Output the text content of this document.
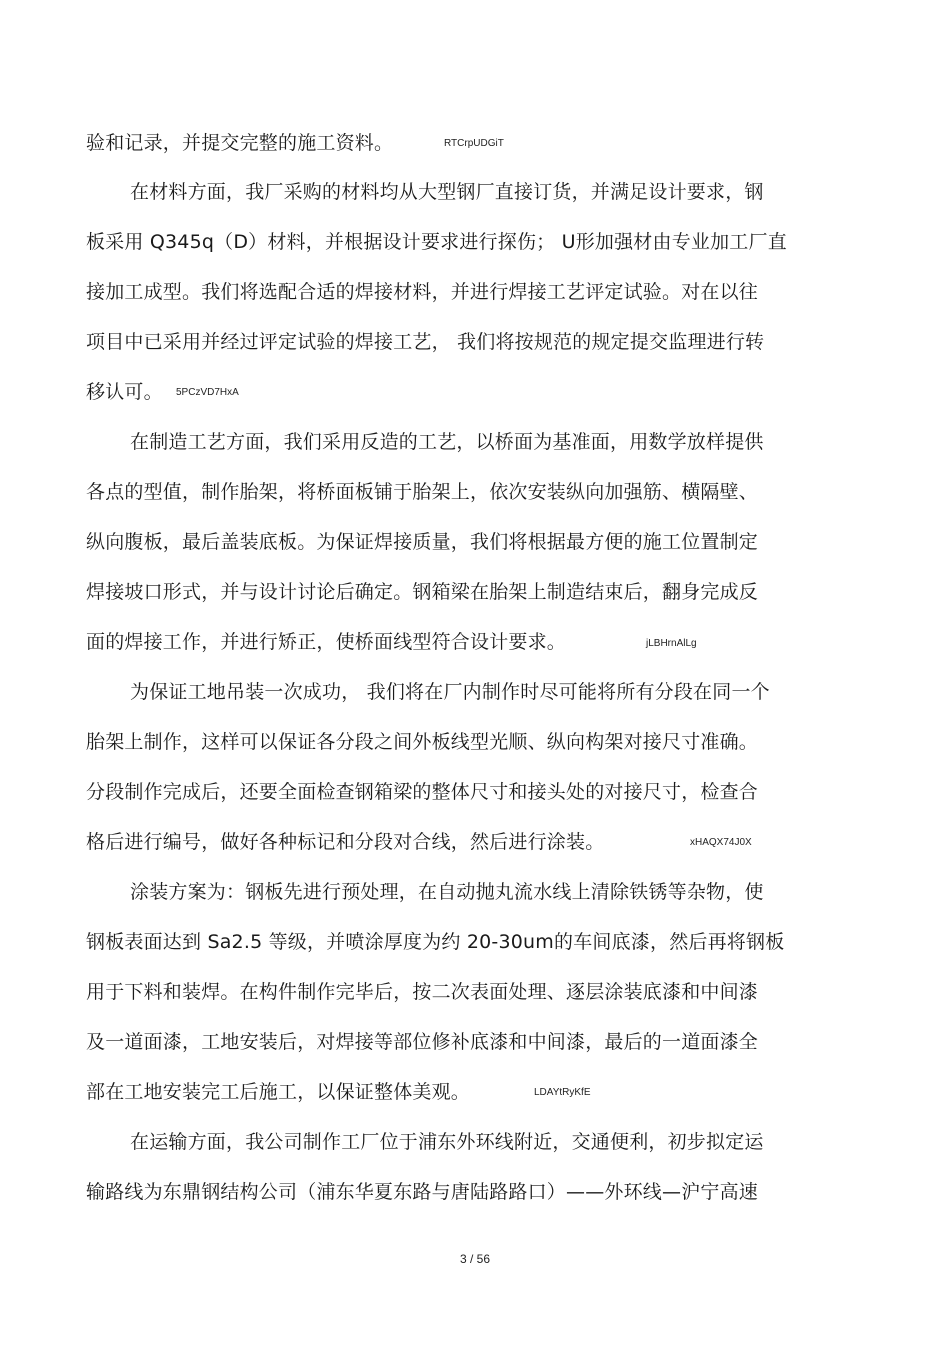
验和记录，并提交完整的施工资料。	RTCrpUDGiT
在材料方面，我厂采购的材料均从大型钢厂直接订货，并满足设计要求，钢
板采用 Q345q（D）材料，并根据设计要求进行探伤； U形加强材由专业加工厂直
接加工成型。我们将选配合适的焊接材料，并进行焊接工艺评定试验。对在以往
项目中已采用并经过评定试验的焊接工艺， 我们将按规范的规定提交监理进行转
移认可。 5PCzVD7HxA
在制造工艺方面，我们采用反造的工艺，以桥面为基准面，用数学放样提供
各点的型值，制作胎架，将桥面板铺于胎架上，依次安装纵向加强筋、横隔壁、
纵向腹板，最后盖装底板。为保证焊接质量，我们将根据最方便的施工位置制定
焊接坡口形式，并与设计讨论后确定。钢箱梁在胎架上制造结束后，翻身完成反
面的焊接工作，并进行矫正，使桥面线型符合设计要求。	jLBHrnAlLg
为保证工地吊装一次成功， 我们将在厂内制作时尽可能将所有分段在同一个
胎架上制作，这样可以保证各分段之间外板线型光顺、纵向构架对接尺寸准确。
分段制作完成后，还要全面检查钢箱梁的整体尺寸和接头处的对接尺寸，检查合
格后进行编号，做好各种标记和分段对合线，然后进行涂装。	xHAQX74J0X
涂装方案为：钢板先进行预处理，在自动抛丸流水线上清除铁锈等杂物，使
钢板表面达到 Sa2.5 等级，并喷涂厚度为约 20-30um的车间底漆，然后再将钢板
用于下料和装焊。在构件制作完毕后，按二次表面处理、逐层涂装底漆和中间漆
及一道面漆，工地安装后，对焊接等部位修补底漆和中间漆，最后的一道面漆全
部在工地安装完工后施工，以保证整体美观。	LDAYtRyKfE
在运输方面，我公司制作工厂位于浦东外环线附近，交通便利，初步拟定运
输路线为东鼎钢结构公司（浦东华夏东路与唐陆路路口）——外环线—沪宁高速
3 / 56
